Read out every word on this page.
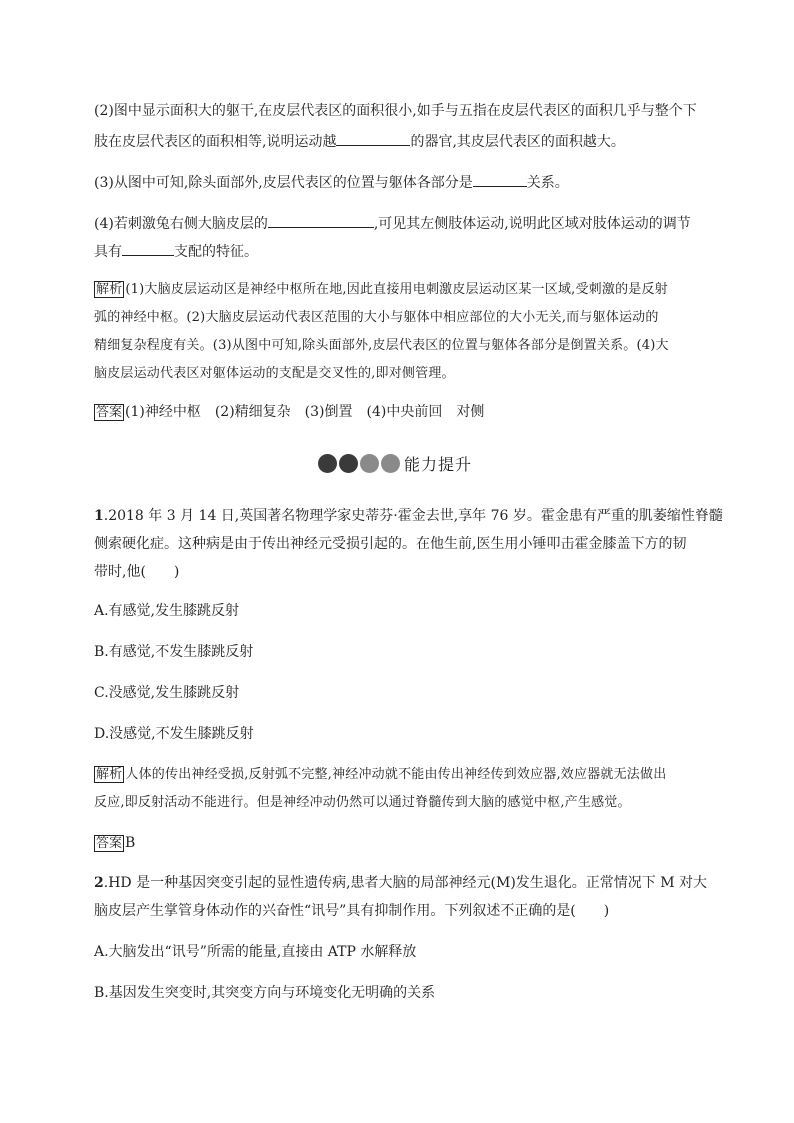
(2)图中显示面积大的躯干,在皮层代表区的面积很小,如手与五指在皮层代表区的面积几乎与整个下
肢在皮层代表区的面积相等,说明运动越	的器官,其皮层代表区的面积越大。
(3)从图中可知,除头面部外,皮层代表区的位置与躯体各部分是	关系。
(4)若刺激兔右侧大脑皮层的	,可见其左侧肢体运动,说明此区域对肢体运动的调节
具有	支配的特征。
解析 (1)大脑皮层运动区是神经中枢所在地,因此直接用电刺激皮层运动区某一区域,受刺激的是反射
弧的神经中枢。(2)大脑皮层运动代表区范围的大小与躯体中相应部位的大小无关,而与躯体运动的
精细复杂程度有关。(3)从图中可知,除头面部外,皮层代表区的位置与躯体各部分是倒置关系。(4)大
脑皮层运动代表区对躯体运动的支配是交叉性的,即对侧管理。
答案 (1)神经中枢　(2)精细复杂　(3)倒置　(4)中央前回　对侧
能力提升
1.2018 年 3 月 14 日,英国著名物理学家史蒂芬·霍金去世,享年 76 岁。霍金患有严重的肌萎缩性脊髓
侧索硬化症。这种病是由于传出神经元受损引起的。在他生前,医生用小锤叩击霍金膝盖下方的韧
带时,他(　　)
A.有感觉,发生膝跳反射
B.有感觉,不发生膝跳反射
C.没感觉,发生膝跳反射
D.没感觉,不发生膝跳反射
解析 人体的传出神经受损,反射弧不完整,神经冲动就不能由传出神经传到效应器,效应器就无法做出
反应,即反射活动不能进行。但是神经冲动仍然可以通过脊髓传到大脑的感觉中枢,产生感觉。
答案 B
2.HD 是一种基因突变引起的显性遗传病,患者大脑的局部神经元(M)发生退化。正常情况下 M 对大
脑皮层产生掌管身体动作的兴奋性“讯号”具有抑制作用。下列叙述不正确的是(　　)
A.大脑发出“讯号”所需的能量,直接由 ATP 水解释放
B.基因发生突变时,其突变方向与环境变化无明确的关系
